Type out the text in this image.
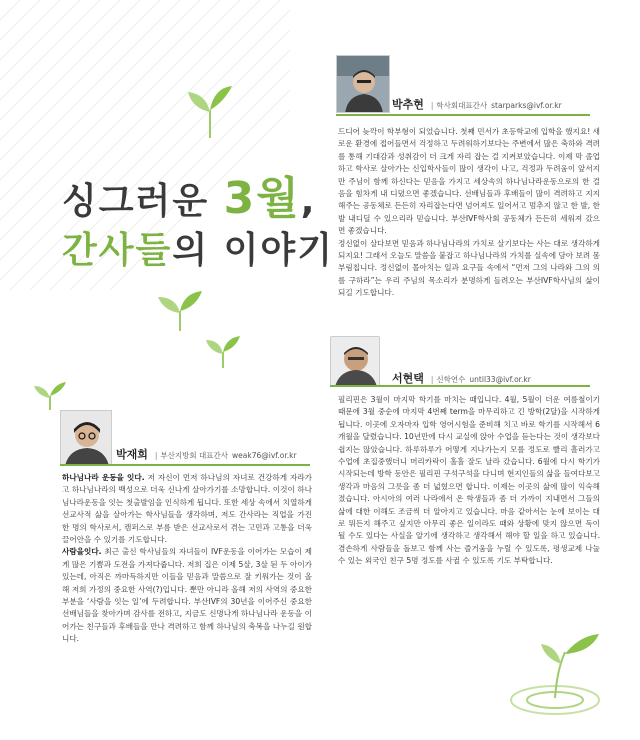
싱그러운 3월,
간사들의 이야기
박추현 | 학사회대표간사 starparks@ivf.or.kr

드디어 늦깍이 학부형이 되었습니다. 첫째 민서가 초등학교에 입학을 했지요! 새로운 환경에 접어들면서 걱정하고 두려워하기보다는 주변에서 많은 축하와 격려를 통해 기대감과 성취감이 더 크게 자리 잡는 걸 지켜보았습니다. 이제 막 졸업하고 학사로 살아가는 신입학사들이 많이 생각이 나고, 걱정과 두려움이 앞서지만 주님이 함께 하신다는 믿음을 가지고 세상속의 하나님나라운동으로의 한 걸음을 힘차게 내 디뎠으면 좋겠습니다. 선배님들과 후배들이 많이 격려하고 지지해주는 공동체로 든든히 자리잡는다면 넘어져도 일어서고 멈추지 않고 한 발, 한 발 내디딜 수 있으리라 믿습니다. 부산IVF학사회 공동체가 든든히 세워져 갔으면 좋겠습니다.

정신없이 살다보면 믿음과 하나님나라의 가치로 살기보다는 사는 대로 생각하게 되지요! 그래서 오늘도 말씀을 붙잡고 하나님나라의 가치를 실속에 담아 보려 몸부림칩니다. 정신없이 몰아치는 일과 요구들 속에서 “먼저 그의 나라와 그의 의를 구하라”는 우리 주님의 목소리가 분명하게 들려오는 부산IVF학사님의 삶이되길 기도합니다.

서현택 | 신학연수 until33@ivf.or.kr

필리핀은 3월이 마지막 학기를 마치는 때입니다. 4월, 5월이 더운 여름철이기 때문에 3월 중순에 마지막 4번째 term을 마무리하고 긴 방학(2달)을 시작하게 됩니다. 이곳에 오자마자 입학 영어시험을 준비해 치고 바로 학기를 시작해서 6개월을 달렸습니다. 10년만에 다시 교실에 앉아 수업을 듣는다는 것이 생각보다 쉽지는 않았습니다. 하루하루가 어떻게 지나가는지 모를 정도로 빨리 흘러가고 수업에 초집중했더니 머리카락이 홀홀 잘도 날라 갔습니다. 6월에 다시 학기가 시작되는데 방학 동안은 필리핀 구석구석을 다니며 현지인들의 삶을 들여다보고 생각과 마음의 그릇을 좀 더 넓혔으면 합니다. 이제는 이곳의 삶에 많이 익숙해졌습니다. 아시아의 여러 나라에서 온 학생들과 좀 더 가까이 지내면서 그들의 삶에 대한 이해도 조금씩 더 알아지고 있습니다. 마음 같아서는 눈에 보이는 대로 뭐든지 해주고 싶지만 아무리 좋은 일이라도 때와 상황에 맞지 않으면 독이 될 수도 있다는 사실을 알기에 생각하고 생각해서 해야 할 일을 하고 있습니다. 겸손하게 사람들을 돌보고 함께 사는 즐거움을 누릴 수 있도록, 평생교제 나눌 수 있는 외국인 친구 5명 정도를 사귈 수 있도록 기도 부탁합니다.

박재희 | 부산지방회 대표간사 weak76@ivf.or.kr

하나님나라 운동을 잇다. 저 자신이 먼저 하나님의 자녀로 건강하게 자라가고 하나님나라의 백성으로 더욱 신나게 살아가기를 소망합니다. 이것이 하나님나라운동을 잇는 첫출발임을 인식하게 됩니다. 또한 세상 속에서 치열하게 선교사적 삶을 살아가는 학사님들을 생각하며, 저도 간사라는 직업을 가진 한 명의 학사로서, 캠퍼스로 부름 받은 선교사로서 겪는 고민과 고통을 더욱 끌어안을 수 있기를 기도합니다.

사람을잇다. 최근 출신 학사님들의 자녀들이 IVF운동을 이어가는 모습이 제게 많은 기쁨과 도전을 가져다줍니다. 저희 집은 이제 5살, 3살 된 두 아이가 있는데, 아직은 까마득하지만 이들을 믿음과 말씀으로 잘 키워가는 것이 올해 저희 가정의 중요한 사역(?)입니다. 뿐만 아니라 올해 저의 사역의 중요한 부분을 ‘사람을 잇는 일’에 두려합니다. 부산IVF의 30년을 이어주신 중요한 선배님들을 찾아가며 감사를 전하고, 지금도 신명나게 하나님나라 운동을 이어가는 친구들과 후배들을 만나 격려하고 함께 하나님의 축복을 나누길 원합니다.
